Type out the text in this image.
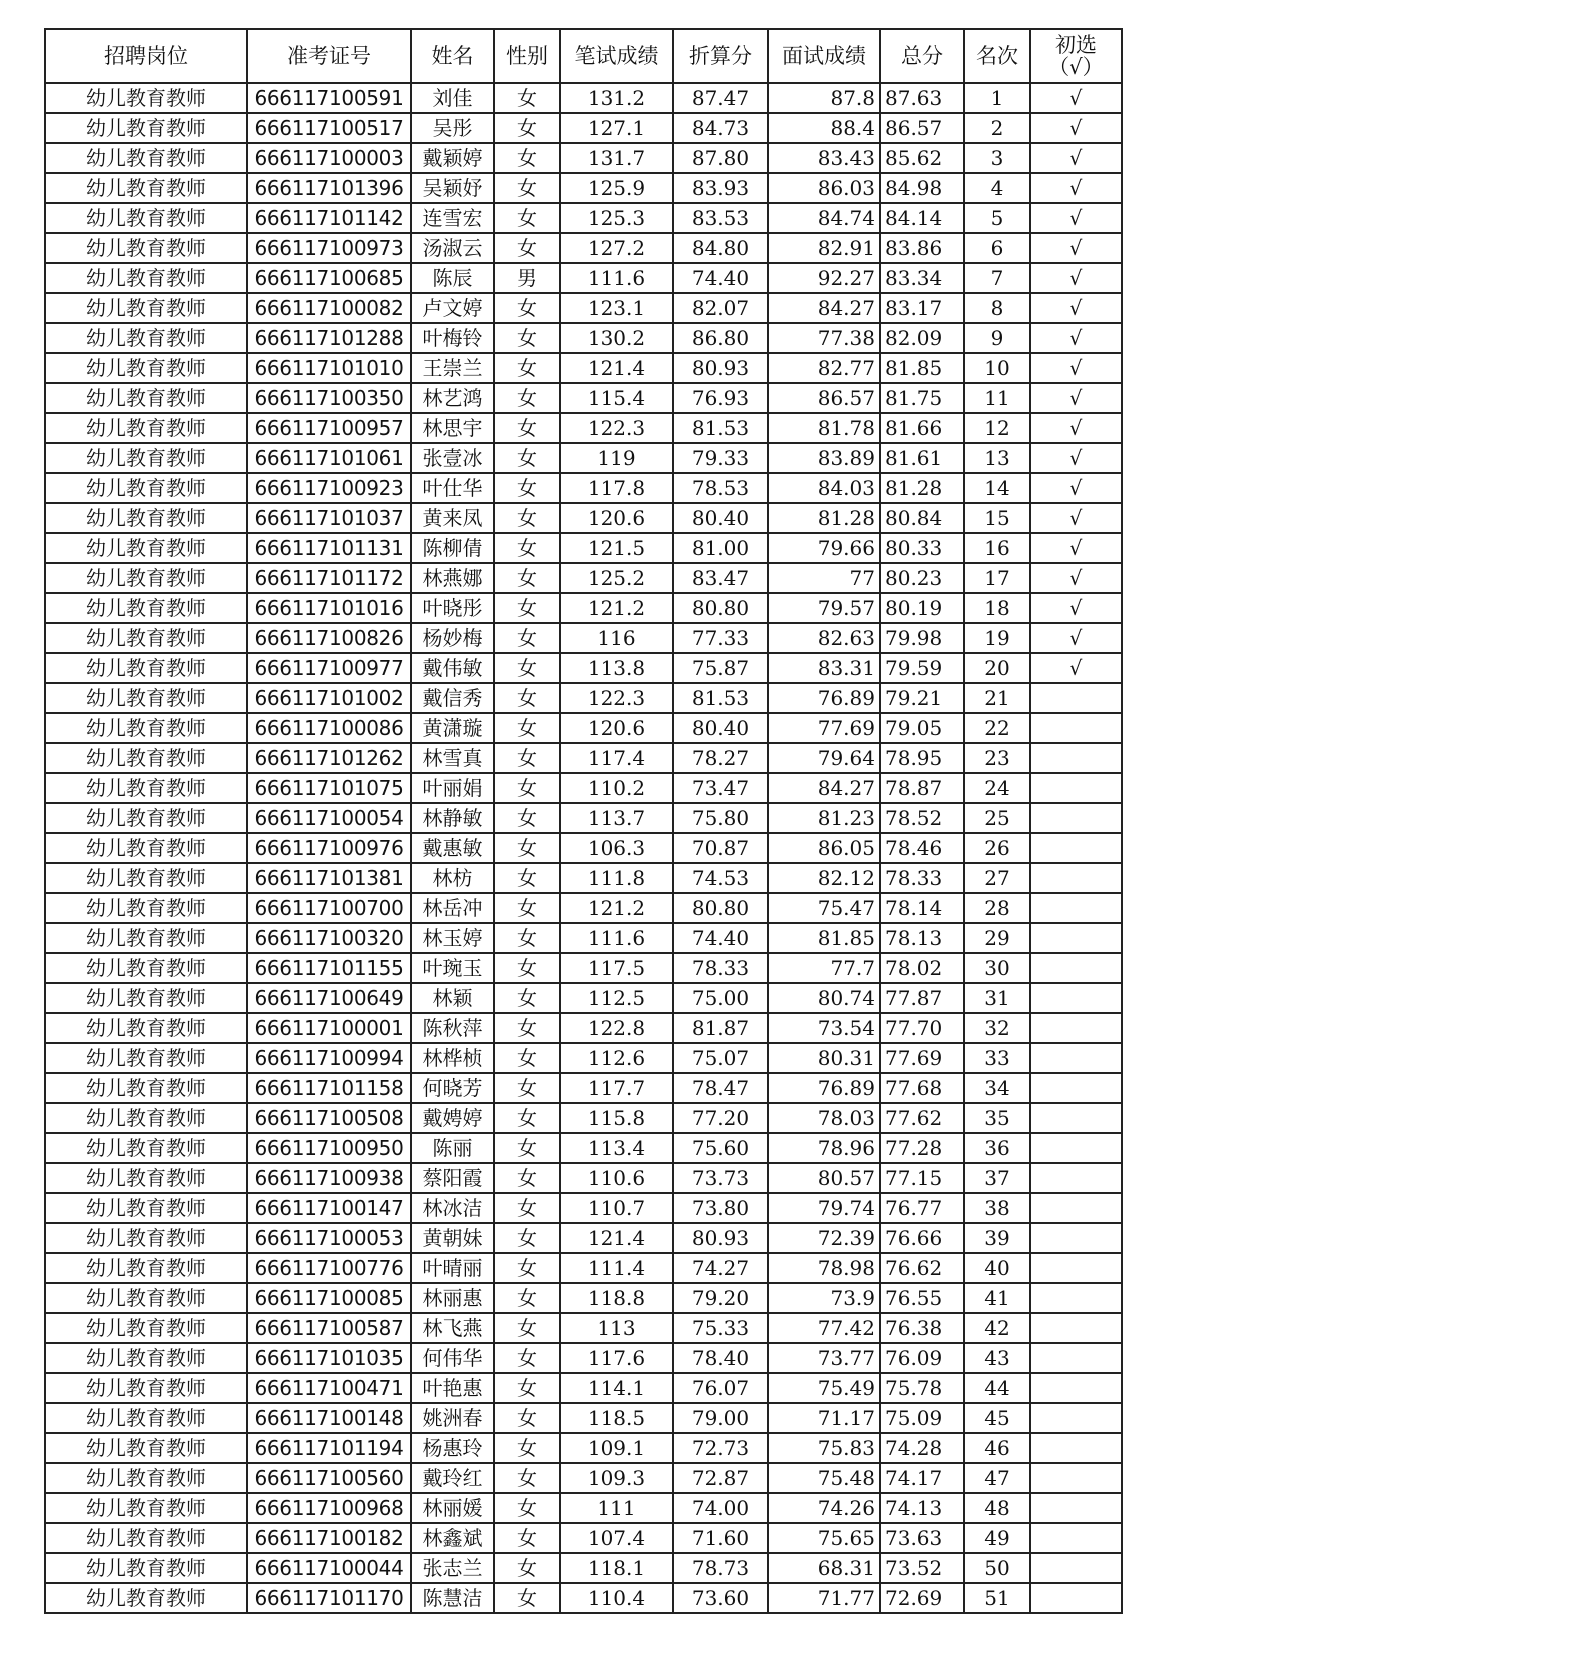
招聘岗位	准考证号	姓名	性别	笔试成绩	折算分	面试成绩	总分	名次	初选
（√）

幼儿教育教师	666117100591	刘佳	女	131.2	87.47	87.8	87.63	1	√
幼儿教育教师	666117100517	吴彤	女	127.1	84.73	88.4	86.57	2	√
幼儿教育教师	666117100003	戴颖婷	女	131.7	87.80	83.43	85.62	3	√
幼儿教育教师	666117101396	吴颖妤	女	125.9	83.93	86.03	84.98	4	√
幼儿教育教师	666117101142	连雪宏	女	125.3	83.53	84.74	84.14	5	√
幼儿教育教师	666117100973	汤淑云	女	127.2	84.80	82.91	83.86	6	√
幼儿教育教师	666117100685	陈辰	男	111.6	74.40	92.27	83.34	7	√
幼儿教育教师	666117100082	卢文婷	女	123.1	82.07	84.27	83.17	8	√
幼儿教育教师	666117101288	叶梅铃	女	130.2	86.80	77.38	82.09	9	√
幼儿教育教师	666117101010	王崇兰	女	121.4	80.93	82.77	81.85	10	√
幼儿教育教师	666117100350	林艺鸿	女	115.4	76.93	86.57	81.75	11	√
幼儿教育教师	666117100957	林思宇	女	122.3	81.53	81.78	81.66	12	√
幼儿教育教师	666117101061	张壹冰	女	119	79.33	83.89	81.61	13	√
幼儿教育教师	666117100923	叶仕华	女	117.8	78.53	84.03	81.28	14	√
幼儿教育教师	666117101037	黄来凤	女	120.6	80.40	81.28	80.84	15	√
幼儿教育教师	666117101131	陈柳倩	女	121.5	81.00	79.66	80.33	16	√
幼儿教育教师	666117101172	林燕娜	女	125.2	83.47	77	80.23	17	√
幼儿教育教师	666117101016	叶晓彤	女	121.2	80.80	79.57	80.19	18	√
幼儿教育教师	666117100826	杨妙梅	女	116	77.33	82.63	79.98	19	√
幼儿教育教师	666117100977	戴伟敏	女	113.8	75.87	83.31	79.59	20	√
幼儿教育教师	666117101002	戴信秀	女	122.3	81.53	76.89	79.21	21	
幼儿教育教师	666117100086	黄潇璇	女	120.6	80.40	77.69	79.05	22	
幼儿教育教师	666117101262	林雪真	女	117.4	78.27	79.64	78.95	23	
幼儿教育教师	666117101075	叶丽娟	女	110.2	73.47	84.27	78.87	24	
幼儿教育教师	666117100054	林静敏	女	113.7	75.80	81.23	78.52	25	
幼儿教育教师	666117100976	戴惠敏	女	106.3	70.87	86.05	78.46	26	
幼儿教育教师	666117101381	林枋	女	111.8	74.53	82.12	78.33	27	
幼儿教育教师	666117100700	林岳冲	女	121.2	80.80	75.47	78.14	28	
幼儿教育教师	666117100320	林玉婷	女	111.6	74.40	81.85	78.13	29	
幼儿教育教师	666117101155	叶琬玉	女	117.5	78.33	77.7	78.02	30	
幼儿教育教师	666117100649	林颖	女	112.5	75.00	80.74	77.87	31	
幼儿教育教师	666117100001	陈秋萍	女	122.8	81.87	73.54	77.70	32	
幼儿教育教师	666117100994	林桦桢	女	112.6	75.07	80.31	77.69	33	
幼儿教育教师	666117101158	何晓芳	女	117.7	78.47	76.89	77.68	34	
幼儿教育教师	666117100508	戴娉婷	女	115.8	77.20	78.03	77.62	35	
幼儿教育教师	666117100950	陈丽	女	113.4	75.60	78.96	77.28	36	
幼儿教育教师	666117100938	蔡阳霞	女	110.6	73.73	80.57	77.15	37	
幼儿教育教师	666117100147	林冰洁	女	110.7	73.80	79.74	76.77	38	
幼儿教育教师	666117100053	黄朝妹	女	121.4	80.93	72.39	76.66	39	
幼儿教育教师	666117100776	叶晴丽	女	111.4	74.27	78.98	76.62	40	
幼儿教育教师	666117100085	林丽惠	女	118.8	79.20	73.9	76.55	41	
幼儿教育教师	666117100587	林飞燕	女	113	75.33	77.42	76.38	42	
幼儿教育教师	666117101035	何伟华	女	117.6	78.40	73.77	76.09	43	
幼儿教育教师	666117100471	叶艳惠	女	114.1	76.07	75.49	75.78	44	
幼儿教育教师	666117100148	姚洲春	女	118.5	79.00	71.17	75.09	45	
幼儿教育教师	666117101194	杨惠玲	女	109.1	72.73	75.83	74.28	46	
幼儿教育教师	666117100560	戴玲红	女	109.3	72.87	75.48	74.17	47	
幼儿教育教师	666117100968	林丽媛	女	111	74.00	74.26	74.13	48	
幼儿教育教师	666117100182	林鑫斌	女	107.4	71.60	75.65	73.63	49	
幼儿教育教师	666117100044	张志兰	女	118.1	78.73	68.31	73.52	50	
幼儿教育教师	666117101170	陈慧洁	女	110.4	73.60	71.77	72.69	51	
